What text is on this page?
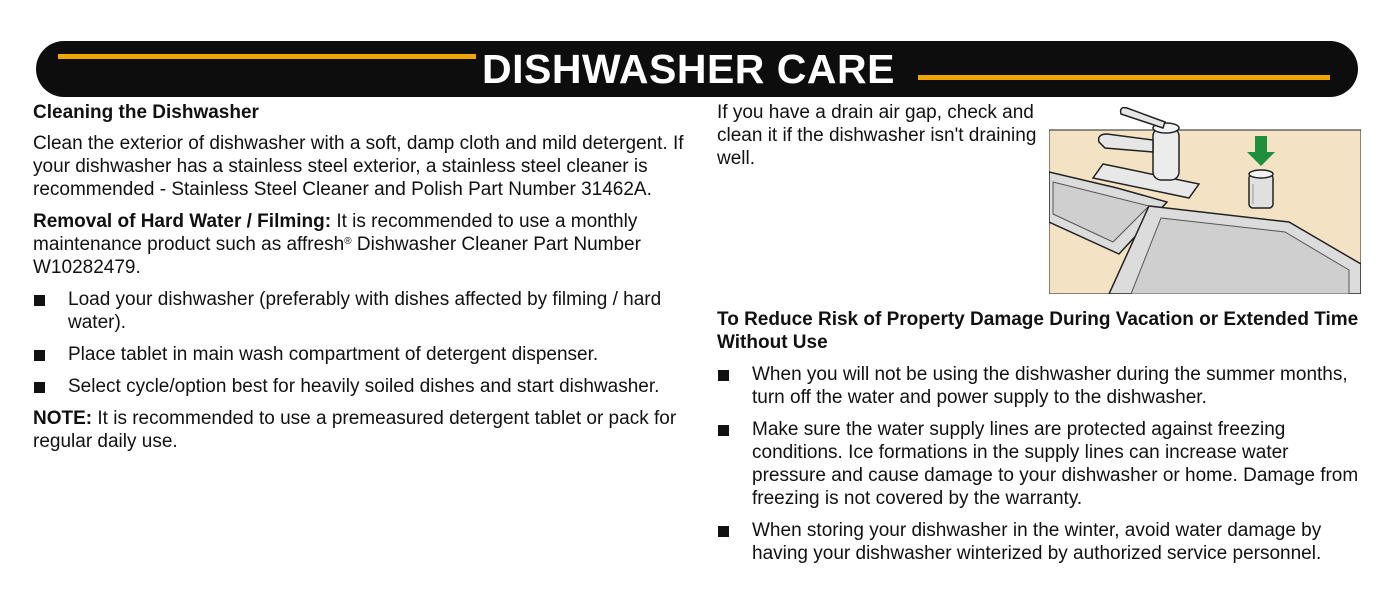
DISHWASHER CARE
Cleaning the Dishwasher

Clean the exterior of dishwasher with a soft, damp cloth and mild detergent. If your dishwasher has a stainless steel exterior, a stainless steel cleaner is recommended - Stainless Steel Cleaner and Polish Part Number 31462A.

Removal of Hard Water / Filming: It is recommended to use a monthly maintenance product such as affresh® Dishwasher Cleaner Part Number W10282479.

Load your dishwasher (preferably with dishes affected by filming / hard water).
Place tablet in main wash compartment of detergent dispenser.
Select cycle/option best for heavily soiled dishes and start dishwasher.

NOTE: It is recommended to use a premeasured detergent tablet or pack for regular daily use.

If you have a drain air gap, check and clean it if the dishwasher isn't draining well.

To Reduce Risk of Property Damage During Vacation or Extended Time Without Use
When you will not be using the dishwasher during the summer months, turn off the water and power supply to the dishwasher.
Make sure the water supply lines are protected against freezing conditions. Ice formations in the supply lines can increase water pressure and cause damage to your dishwasher or home. Damage from freezing is not covered by the warranty.
When storing your dishwasher in the winter, avoid water damage by having your dishwasher winterized by authorized service personnel.
